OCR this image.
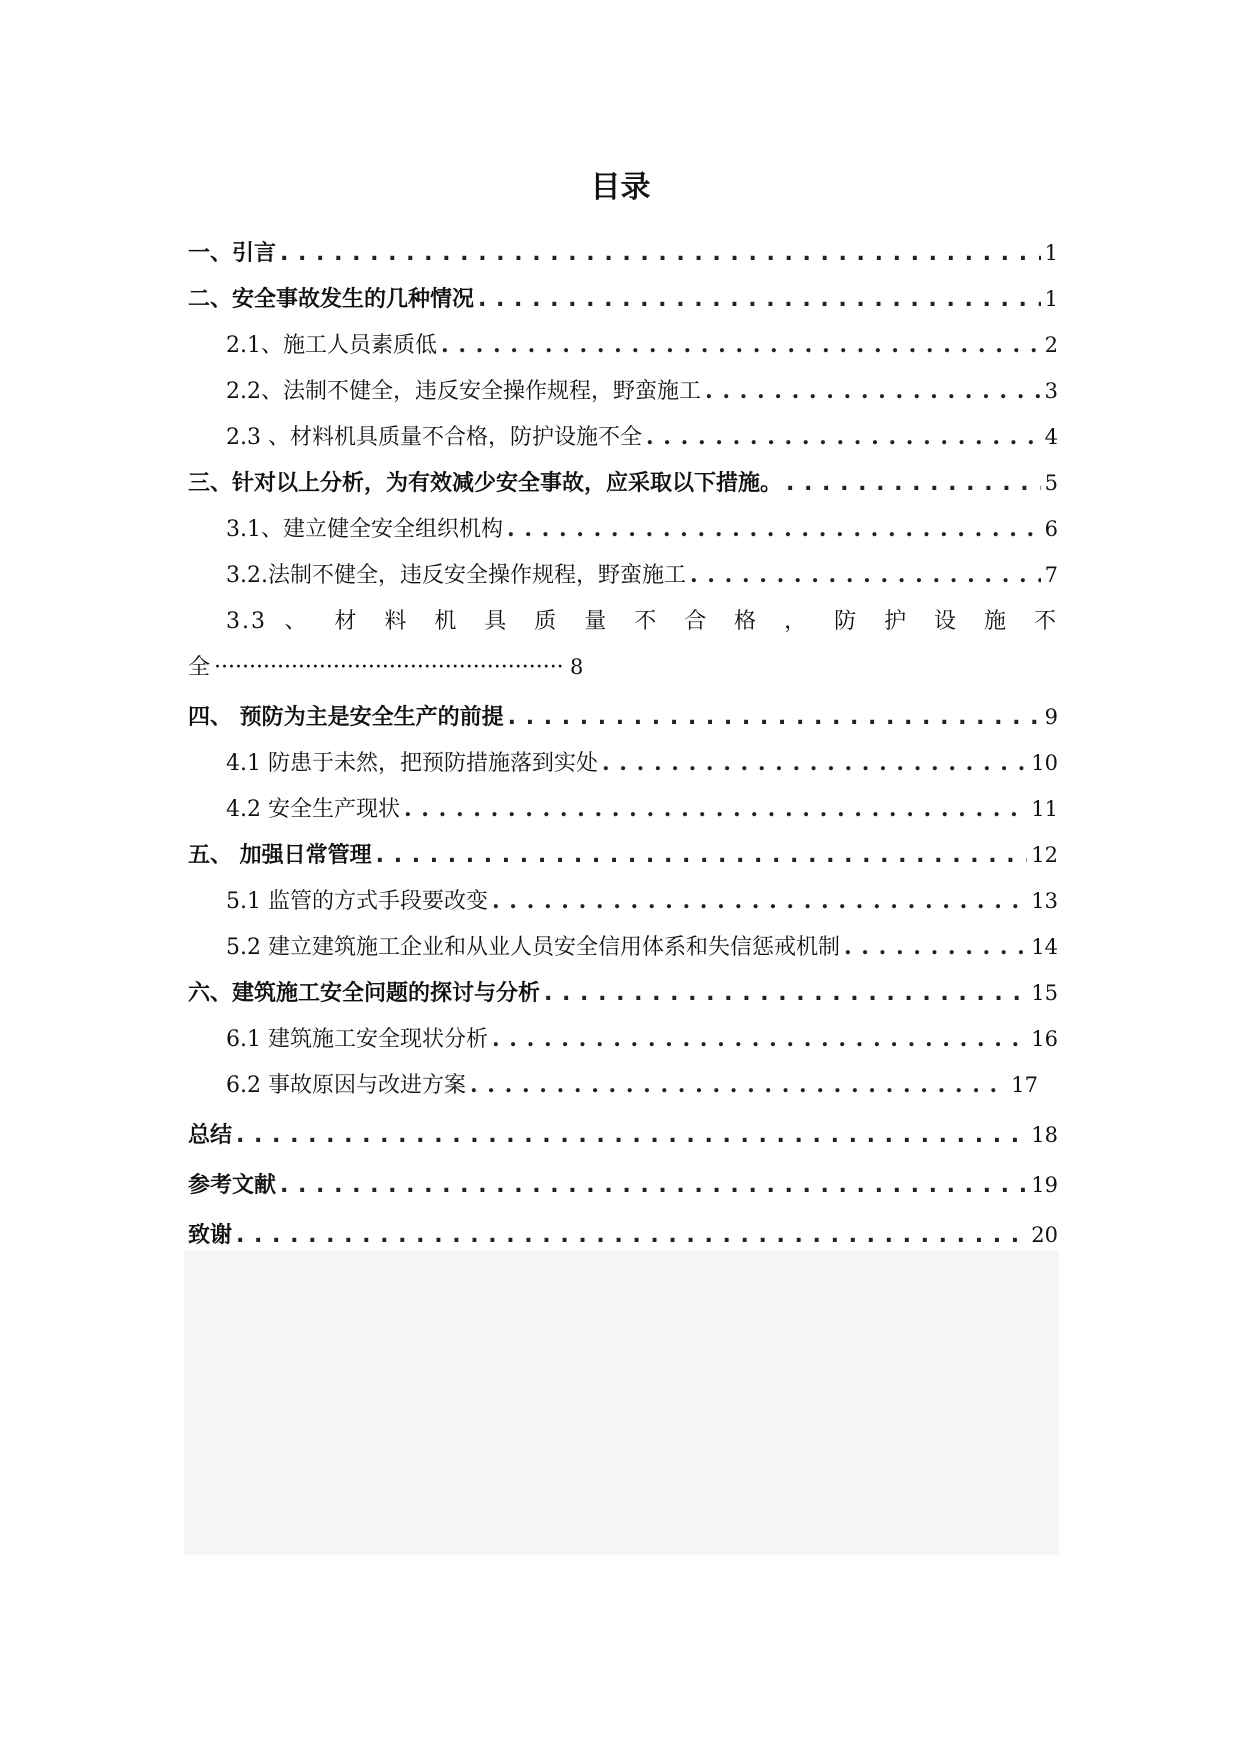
目录
一、引言 . . .	1
二、安全事故发生的几种情况 . . .	1
2.1、施工人员素质低 . . .	2
2.2、法制不健全，违反安全操作规程，野蛮施工 . . .	3
2.3 、材料机具质量不合格，防护设施不全 . . .	4
三、针对以上分析，为有效减少安全事故，应采取以下措施。 . . .	5
3.1、建立健全安全组织机构 . . .	6
3.2.法制不健全，违反安全操作规程，野蛮施工 . . .	7
3.3 、 材 料 机 具 质 量 不 合 格 ， 防 护 设 施 不
全 ·····	8
四、 预防为主是安全生产的前提 . . .	9
4.1 防患于未然，把预防措施落到实处 . . .	10
4.2 安全生产现状 . . .	11
五、 加强日常管理 . . .	12
5.1 监管的方式手段要改变 . . .	13
5.2 建立建筑施工企业和从业人员安全信用体系和失信惩戒机制 . . .	14
六、建筑施工安全问题的探讨与分析 . . .	15
6.1 建筑施工安全现状分析 . . .	16
6.2 事故原因与改进方案 . . .	17
总结 . . .	18
参考文献 . . .	19
致谢 . . .	20
